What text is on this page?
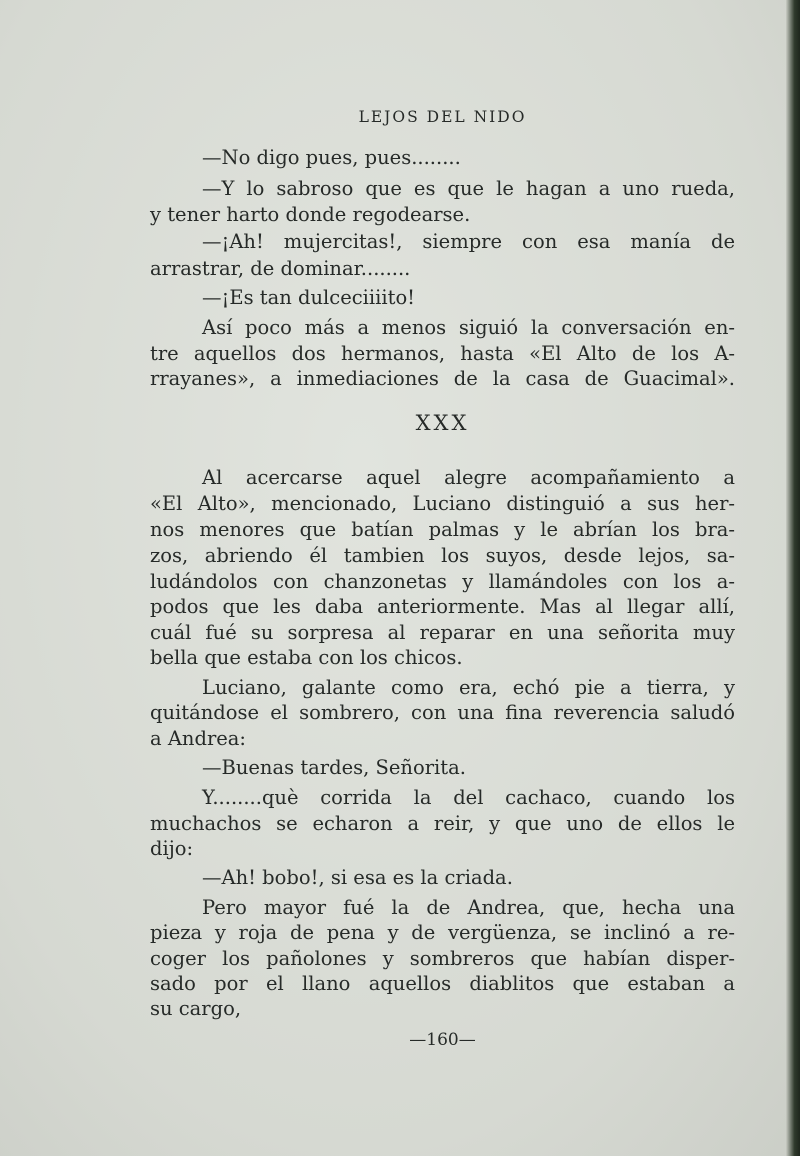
LEJOS DEL NIDO
—No digo pues, pues........
—Y lo sabroso que es que le hagan a uno rueda,
y tener harto donde regodearse.
—¡Ah! mujercitas!, siempre con esa manía de
arrastrar, de dominar........
—¡Es tan dulceciiiito!
Así poco más a menos siguió la conversación en-
tre aquellos dos hermanos, hasta «El Alto de los A-
rrayanes», a inmediaciones de la casa de Guacimal».
XXX
Al acercarse aquel alegre acompañamiento a
«El Alto», mencionado, Luciano distinguió a sus her-
nos menores que batían palmas y le abrían los bra-
zos, abriendo él tambien los suyos, desde lejos, sa-
ludándolos con chanzonetas y llamándoles con los a-
podos que les daba anteriormente. Mas al llegar allí,
cuál fué su sorpresa al reparar en una señorita muy
bella que estaba con los chicos.
Luciano, galante como era, echó pie a tierra, y
quitándose el sombrero, con una fina reverencia saludó
a Andrea:
—Buenas tardes, Señorita.
Y........què corrida la del cachaco, cuando los
muchachos se echaron a reir, y que uno de ellos le
dijo:
—Ah! bobo!, si esa es la criada.
Pero mayor fué la de Andrea, que, hecha una
pieza y roja de pena y de vergüenza, se inclinó a re-
coger los pañolones y sombreros que habían disper-
sado por el llano aquellos diablitos que estaban a
su cargo,
—160—
